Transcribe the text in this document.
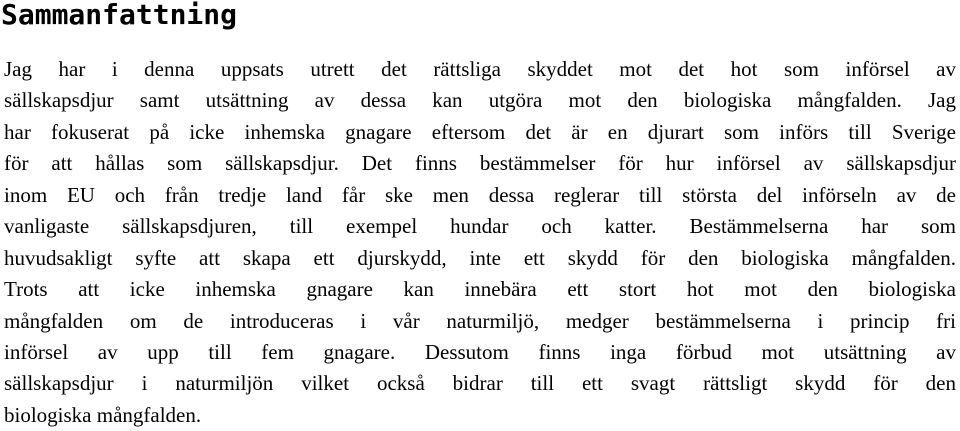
Sammanfattning
Jag har i denna uppsats utrett det rättsliga skyddet mot det hot som införsel av
sällskapsdjur samt utsättning av dessa kan utgöra mot den biologiska mångfalden. Jag
har fokuserat på icke inhemska gnagare eftersom det är en djurart som införs till Sverige
för att hållas som sällskapsdjur. Det finns bestämmelser för hur införsel av sällskapsdjur
inom EU och från tredje land får ske men dessa reglerar till största del införseln av de
vanligaste sällskapsdjuren, till exempel hundar och katter. Bestämmelserna har som
huvudsakligt syfte att skapa ett djurskydd, inte ett skydd för den biologiska mångfalden.
Trots att icke inhemska gnagare kan innebära ett stort hot mot den biologiska
mångfalden om de introduceras i vår naturmiljö, medger bestämmelserna i princip fri
införsel av upp till fem gnagare. Dessutom finns inga förbud mot utsättning av
sällskapsdjur i naturmiljön vilket också bidrar till ett svagt rättsligt skydd för den
biologiska mångfalden.
